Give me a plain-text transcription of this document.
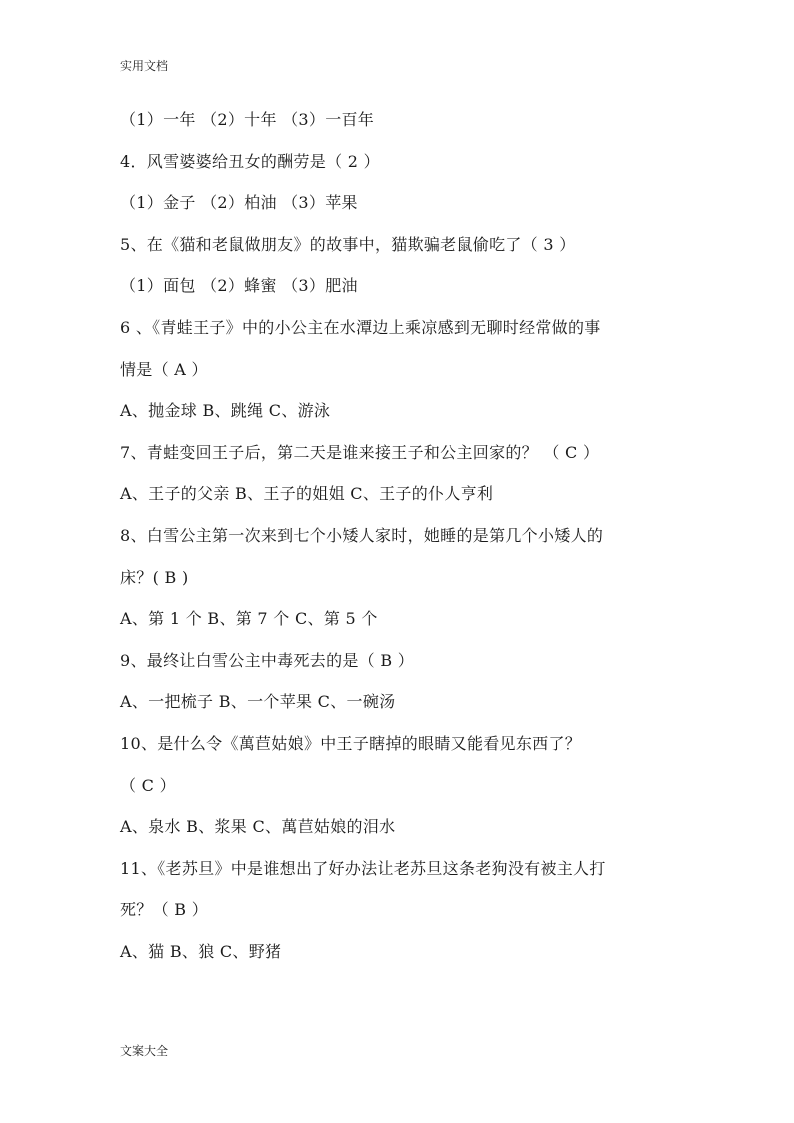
实用文档
（1）一年 （2）十年 （3）一百年
4．风雪婆婆给丑女的酬劳是（ 2 ）
（1）金子 （2）柏油 （3）苹果
5、在《猫和老鼠做朋友》的故事中，猫欺骗老鼠偷吃了（ 3 ）
（1）面包 （2）蜂蜜 （3）肥油
6 、《青蛙王子》中的小公主在水潭边上乘凉感到无聊时经常做的事
情是（ A ）
A、抛金球 B、跳绳 C、游泳
7、青蛙变回王子后，第二天是谁来接王子和公主回家的？ （ C ）
A、王子的父亲 B、王子的姐姐 C、王子的仆人亨利
8、白雪公主第一次来到七个小矮人家时，她睡的是第几个小矮人的
床？( B )
A、第 1 个 B、第 7 个 C、第 5 个
9、最终让白雪公主中毒死去的是（ B ）
A、一把梳子 B、一个苹果 C、一碗汤
10、是什么令《萬苣姑娘》中王子瞎掉的眼睛又能看见东西了？
（ C ）
A、泉水 B、浆果 C、萬苣姑娘的泪水
11、《老苏旦》中是谁想出了好办法让老苏旦这条老狗没有被主人打
死？（ B ）
A、猫 B、狼 C、野猪
文案大全
